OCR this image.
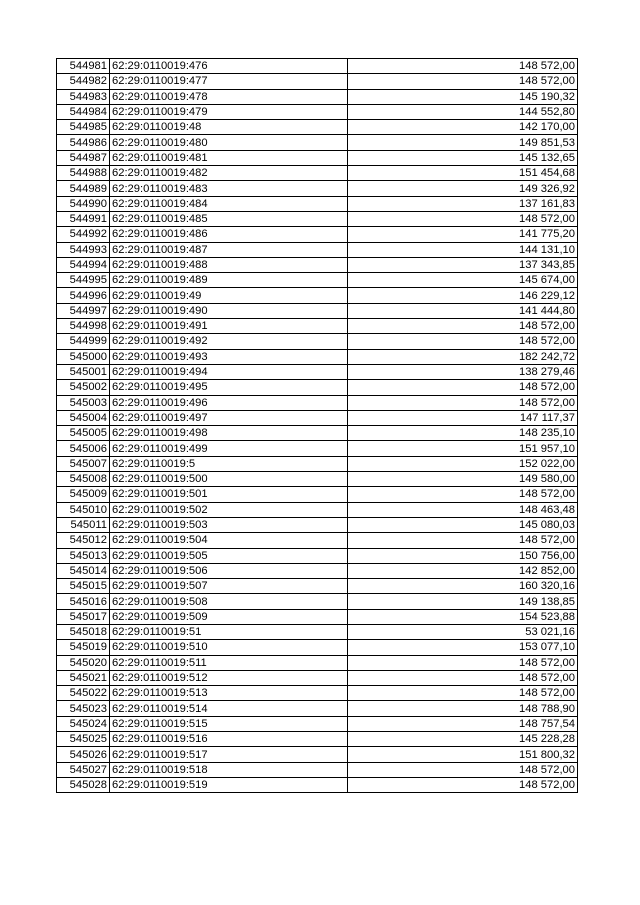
544981	62:29:0110019:476	148 572,00
544982	62:29:0110019:477	148 572,00
544983	62:29:0110019:478	145 190,32
544984	62:29:0110019:479	144 552,80
544985	62:29:0110019:48	142 170,00
544986	62:29:0110019:480	149 851,53
544987	62:29:0110019:481	145 132,65
544988	62:29:0110019:482	151 454,68
544989	62:29:0110019:483	149 326,92
544990	62:29:0110019:484	137 161,83
544991	62:29:0110019:485	148 572,00
544992	62:29:0110019:486	141 775,20
544993	62:29:0110019:487	144 131,10
544994	62:29:0110019:488	137 343,85
544995	62:29:0110019:489	145 674,00
544996	62:29:0110019:49	146 229,12
544997	62:29:0110019:490	141 444,80
544998	62:29:0110019:491	148 572,00
544999	62:29:0110019:492	148 572,00
545000	62:29:0110019:493	182 242,72
545001	62:29:0110019:494	138 279,46
545002	62:29:0110019:495	148 572,00
545003	62:29:0110019:496	148 572,00
545004	62:29:0110019:497	147 117,37
545005	62:29:0110019:498	148 235,10
545006	62:29:0110019:499	151 957,10
545007	62:29:0110019:5	152 022,00
545008	62:29:0110019:500	149 580,00
545009	62:29:0110019:501	148 572,00
545010	62:29:0110019:502	148 463,48
545011	62:29:0110019:503	145 080,03
545012	62:29:0110019:504	148 572,00
545013	62:29:0110019:505	150 756,00
545014	62:29:0110019:506	142 852,00
545015	62:29:0110019:507	160 320,16
545016	62:29:0110019:508	149 138,85
545017	62:29:0110019:509	154 523,88
545018	62:29:0110019:51	53 021,16
545019	62:29:0110019:510	153 077,10
545020	62:29:0110019:511	148 572,00
545021	62:29:0110019:512	148 572,00
545022	62:29:0110019:513	148 572,00
545023	62:29:0110019:514	148 788,90
545024	62:29:0110019:515	148 757,54
545025	62:29:0110019:516	145 228,28
545026	62:29:0110019:517	151 800,32
545027	62:29:0110019:518	148 572,00
545028	62:29:0110019:519	148 572,00
